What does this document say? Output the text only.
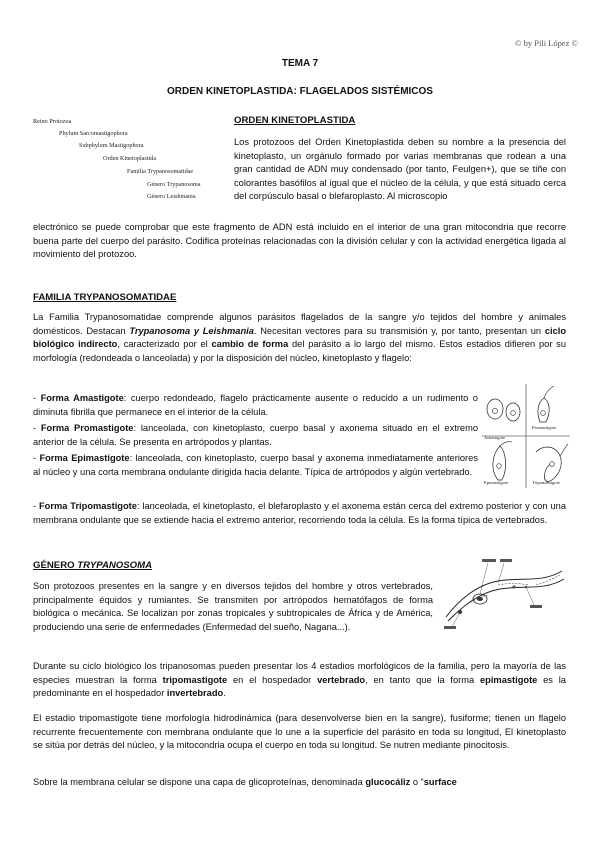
© by Pili López ©
TEMA 7
ORDEN KINETOPLASTIDA: FLAGELADOS SISTÉMICOS
Reino Protozoa
Phylum Sarcomastigophora
Subphylum Mastigophora
Orden Kinetoplastida
Familia Trypanosomatidae
Género Trypanosoma
Género Leishmania
ORDEN KINETOPLASTIDA

Los protozoos del Orden Kinetoplastida deben su nombre a la presencia del kinetoplasto, un orgánulo formado por varias membranas que rodean a una gran cantidad de ADN muy condensado (por tanto, Feulgen+), que se tiñe con colorantes basófilos al igual que el núcleo de la célula, y que está situado cerca del corpúsculo basal o blefaroplasto. Al microscopio

electrónico se puede comprobar que este fragmento de ADN está incluido en el interior de una gran mitocondria que recorre buena parte del cuerpo del parásito. Codifica proteínas relacionadas con la división celular y con la actividad energética ligada al movimiento del protozoo.

FAMILIA TRYPANOSOMATIDAE

La Familia Trypanosomatidae comprende algunos parásitos flagelados de la sangre y/o tejidos del hombre y animales domésticos. Destacan Trypanosoma y Leishmania. Necesitan vectores para su transmisión y, por tanto, presentan un ciclo biológico indirecto, caracterizado por el cambio de forma del parásito a lo largo del mismo. Estos estadios difieren por su morfología (redondeada o lanceolada) y por la disposición del núcleo, kinetoplasto y flagelo:

- Forma Amastigote: cuerpo redondeado, flagelo prácticamente ausente o reducido a un rudimento o diminuta fibrilla que permanece en el interior de la célula.

- Forma Promastigote: lanceolada, con kinetoplasto, cuerpo basal y axonema situado en el extremo anterior de la célula. Se presenta en artrópodos y plantas.

- Forma Epimastigote: lanceolada, con kinetoplasto, cuerpo basal y axonema inmediatamente anteriores al núcleo y una corta membrana ondulante dirigida hacia delante. Típica de artrópodos y algún vertebrado.

- Forma Tripomastigote: lanceolada, el kinetoplasto, el blefaroplasto y el axonema están cerca del extremo posterior y con una membrana ondulante que se extiende hacia el extremo anterior, recorriendo toda la célula. Es la forma típica de vertebrados.

Amastigote
Promastigote
Epimastigote	Tripomastigote
GÉNERO TRYPANOSOMA

Son protozoos presentes en la sangre y en diversos tejidos del hombre y otros vertebrados, principalmente équidos y rumiantes. Se transmiten por artrópodos hematófagos de forma biológica o mecánica. Se localizan por zonas tropicales y subtropicales de África y de América, produciendo una serie de enfermedades (Enfermedad del sueño, Nagana...).

Durante su ciclo biológico los tripanosomas pueden presentar los 4 estadios morfológicos de la familia, pero la mayoría de las especies muestran la forma tripomastigote en el hospedador vertebrado, en tanto que la forma epimastigote es la predominante en el hospedador invertebrado.

El estadio tripomastigote tiene morfología hidrodinámica (para desenvolverse bien en la sangre), fusiforme; tienen un flagelo recurrente frecuentemente con membrana ondulante que lo une a la superficie del parásito en toda su longitud, El kinetoplasto se sitúa por detrás del núcleo, y la mitocondria ocupa el cuerpo en toda su longitud. Se nutren mediante pinocitosis.

Sobre la membrana celular se dispone una capa de glicoproteínas, denominada glucocáliz o “surface
